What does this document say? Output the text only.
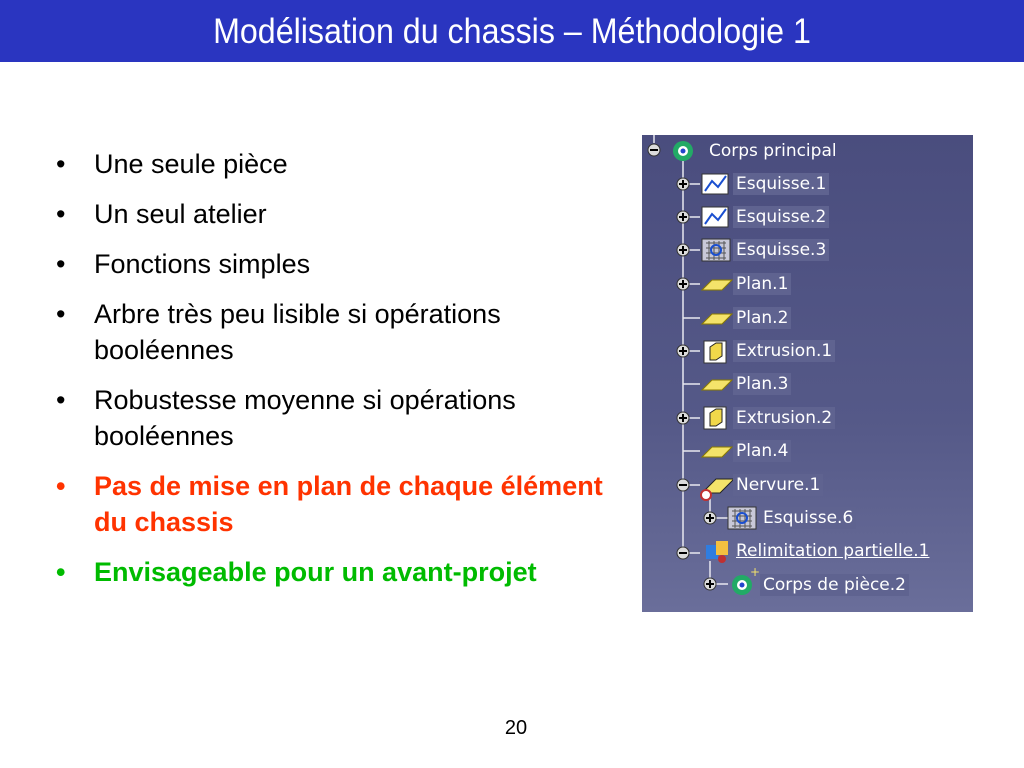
Modélisation du chassis – Méthodologie 1
• Une seule pièce
• Un seul atelier
• Fonctions simples
• Arbre très peu lisible si opérations booléennes
• Robustesse moyenne si opérations booléennes
• Pas de mise en plan de chaque élément du chassis
• Envisageable pour un avant-projet	+
Corps principal
Esquisse.1
Esquisse.2
Esquisse.3
Plan.1
Plan.2
Extrusion.1
Plan.3
Extrusion.2
Plan.4
Nervure.1
Esquisse.6
Relimitation partielle.1
Corps de pièce.2
20
